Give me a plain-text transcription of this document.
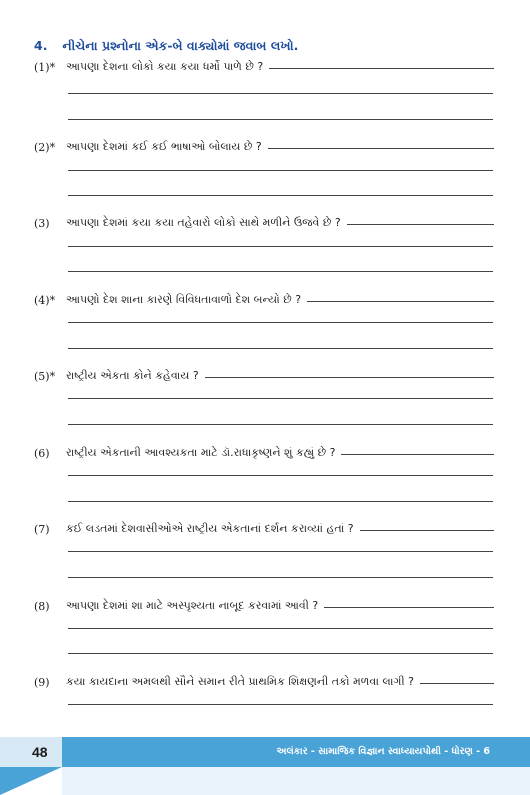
4. નીચેના પ્રશ્નોના એક-બે વાક્યોમાં જવાબ લખો.
(1)* આપણા દેશના લોકો કયા કયા ધર્મો પાળે છે ?
(2)* આપણા દેશમાં કઈ કઈ ભાષાઓ બોલાય છે ?
(3)	આપણા દેશમાં કયા કયા તહેવારો લોકો સાથે મળીને ઉજવે છે ?
(4)* આપણો દેશ શાના કારણે વિવિધતાવાળો દેશ બન્યો છે ?
(5)* રાષ્ટ્રીય એકતા કોને કહેવાય ?
(6)	રાષ્ટ્રીય એકતાની આવશ્યકતા માટે ડૉ.રાધાકૃષ્ણને શું કહ્યું છે ?
(7)	કઈ લડતમાં દેશવાસીઓએ રાષ્ટ્રીય એકતાનાં દર્શન કરાવ્યાં હતાં ?
(8)	આપણા દેશમાં શા માટે અસ્પૃશ્યતા નાબૂદ કરવામાં આવી ?
(9)	કયા કાયદાના અમલથી સૌને સમાન રીતે પ્રાથમિક શિક્ષણની તકો મળવા લાગી ?
48	અલંકાર - સામાજિક વિજ્ઞાન સ્વાધ્યાયપોથી - ધોરણ - 6
